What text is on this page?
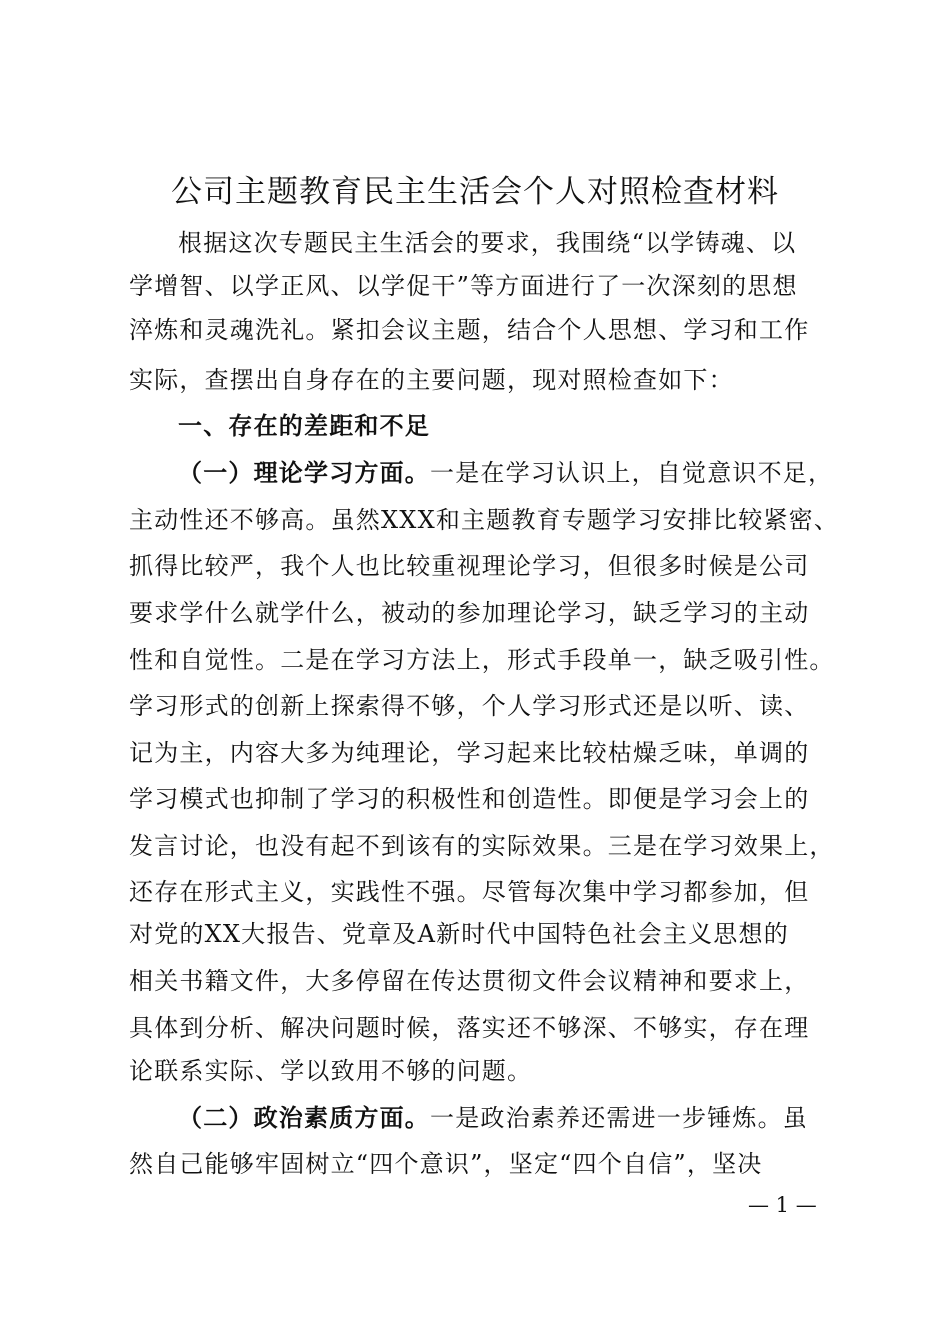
公司主题教育民主生活会个人对照检查材料
根据这次专题民主生活会的要求，我围绕“以学铸魂、以
学增智、以学正风、以学促干”等方面进行了一次深刻的思想
淬炼和灵魂洗礼。紧扣会议主题，结合个人思想、学习和工作
实际，查摆出自身存在的主要问题，现对照检查如下：
一、存在的差距和不足
（一）理论学习方面。一是在学习认识上，自觉意识不足，
主动性还不够高。虽然XXX和主题教育专题学习安排比较紧密、
抓得比较严，我个人也比较重视理论学习，但很多时候是公司
要求学什么就学什么，被动的参加理论学习，缺乏学习的主动
性和自觉性。二是在学习方法上，形式手段单一，缺乏吸引性。
学习形式的创新上探索得不够，个人学习形式还是以听、读、
记为主，内容大多为纯理论，学习起来比较枯燥乏味，单调的
学习模式也抑制了学习的积极性和创造性。即便是学习会上的
发言讨论，也没有起不到该有的实际效果。三是在学习效果上，
还存在形式主义，实践性不强。尽管每次集中学习都参加，但
对党的XX大报告、党章及A新时代中国特色社会主义思想的
相关书籍文件，大多停留在传达贯彻文件会议精神和要求上，
具体到分析、解决问题时候，落实还不够深、不够实，存在理
论联系实际、学以致用不够的问题。
（二）政治素质方面。一是政治素养还需进一步锤炼。虽
然自己能够牢固树立“四个意识”，坚定“四个自信”，坚决
— 1 —
